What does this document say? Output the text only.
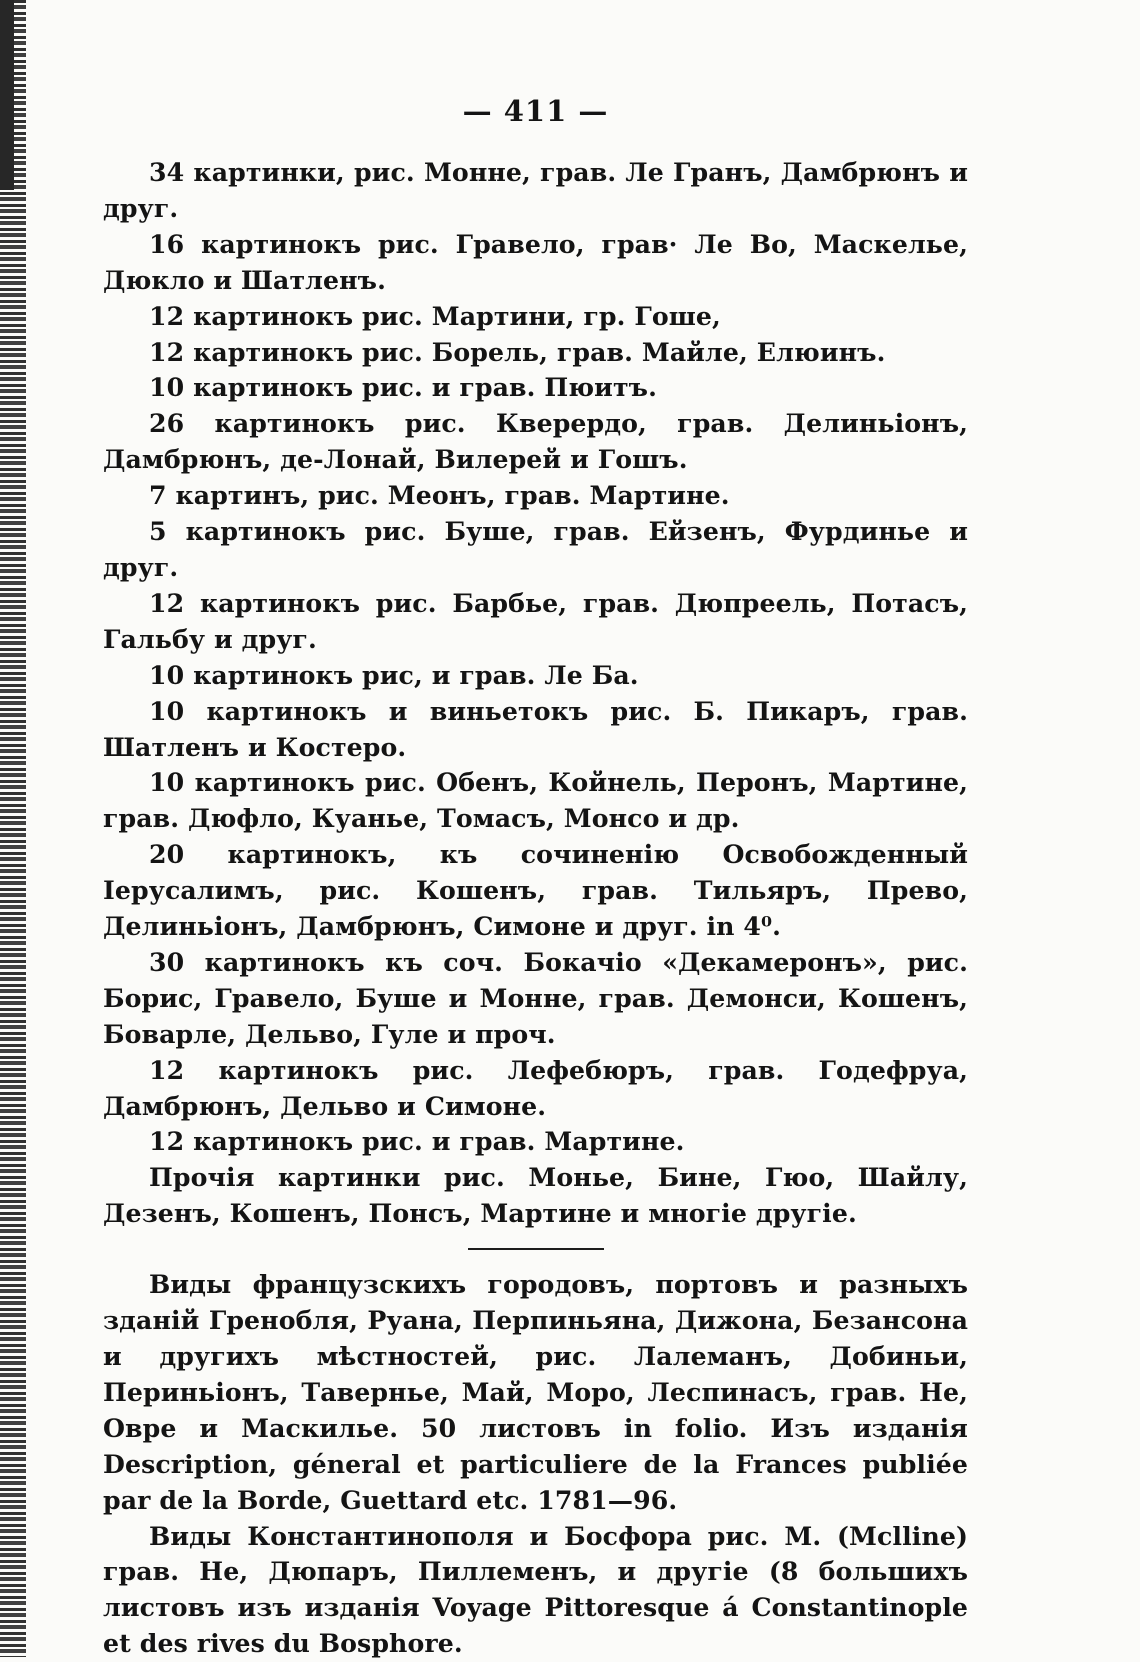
— 411 —

34 картинки, рис. Монне, грав. Ле Гранъ, Дамбрюнъ и друг.

16 картинокъ рис. Гравело, грав· Ле Во, Маскелье, Дюкло и Шатленъ.

12 картинокъ рис. Мартини, гр. Гоше,

12 картинокъ рис. Борель, грав. Майле, Елюинъ.

10 картинокъ рис. и грав. Пюитъ.

26 картинокъ рис. Кверердо, грав. Делиньіонъ, Дамбрюнъ, де-Лонай, Вилерей и Гошъ.

7 картинъ, рис. Меонъ, грав. Мартине.

5 картинокъ рис. Буше, грав. Ейзенъ, Фурдинье и друг.

12 картинокъ рис. Барбье, грав. Дюпреель, Потасъ, Гальбу и друг.

10 картинокъ рис, и грав. Ле Ба.

10 картинокъ и виньетокъ рис. Б. Пикаръ, грав. Шатленъ и Костеро.

10 картинокъ рис. Обенъ, Койнель, Перонъ, Мартине, грав. Дюфло, Куанье, Томасъ, Монсо и др.

20 картинокъ, къ сочиненію Освобожденный Іерусалимъ, рис. Кошенъ, грав. Тильяръ, Прево, Делиньіонъ, Дамбрюнъ, Симоне и друг. in 4⁰.

30 картинокъ къ соч. Бокачіо «Декамеронъ», рис. Борис, Гравело, Буше и Монне, грав. Демонси, Кошенъ, Боварле, Дельво, Гуле и проч.

12 картинокъ рис. Лефебюръ, грав. Годефруа, Дамбрюнъ, Дельво и Симоне.

12 картинокъ рис. и грав. Мартине.

Прочія картинки рис. Монье, Бине, Гюо, Шайлу, Дезенъ, Кошенъ, Понсъ, Мартине и многіе другіе.

Виды французскихъ городовъ, портовъ и разныхъ зданій Гренобля, Руана, Перпиньяна, Дижона, Безансона и другихъ мѣстностей, рис. Лалеманъ, Добиньи, Периньіонъ, Тавернье, Май, Моро, Леспинасъ, грав. Не, Овре и Маскилье. 50 листовъ in folio. Изъ изданія Description, géneral et particuliere de la Frances publiée par de la Borde, Guettard etc. 1781—96.

Виды Константинополя и Босфора рис. М. (Mclline) грав. Не, Дюпаръ, Пиллеменъ, и другіе (8 большихъ листовъ изъ изданія Voyage Pittoresque á Constantinople et des rives du Bosphore.
